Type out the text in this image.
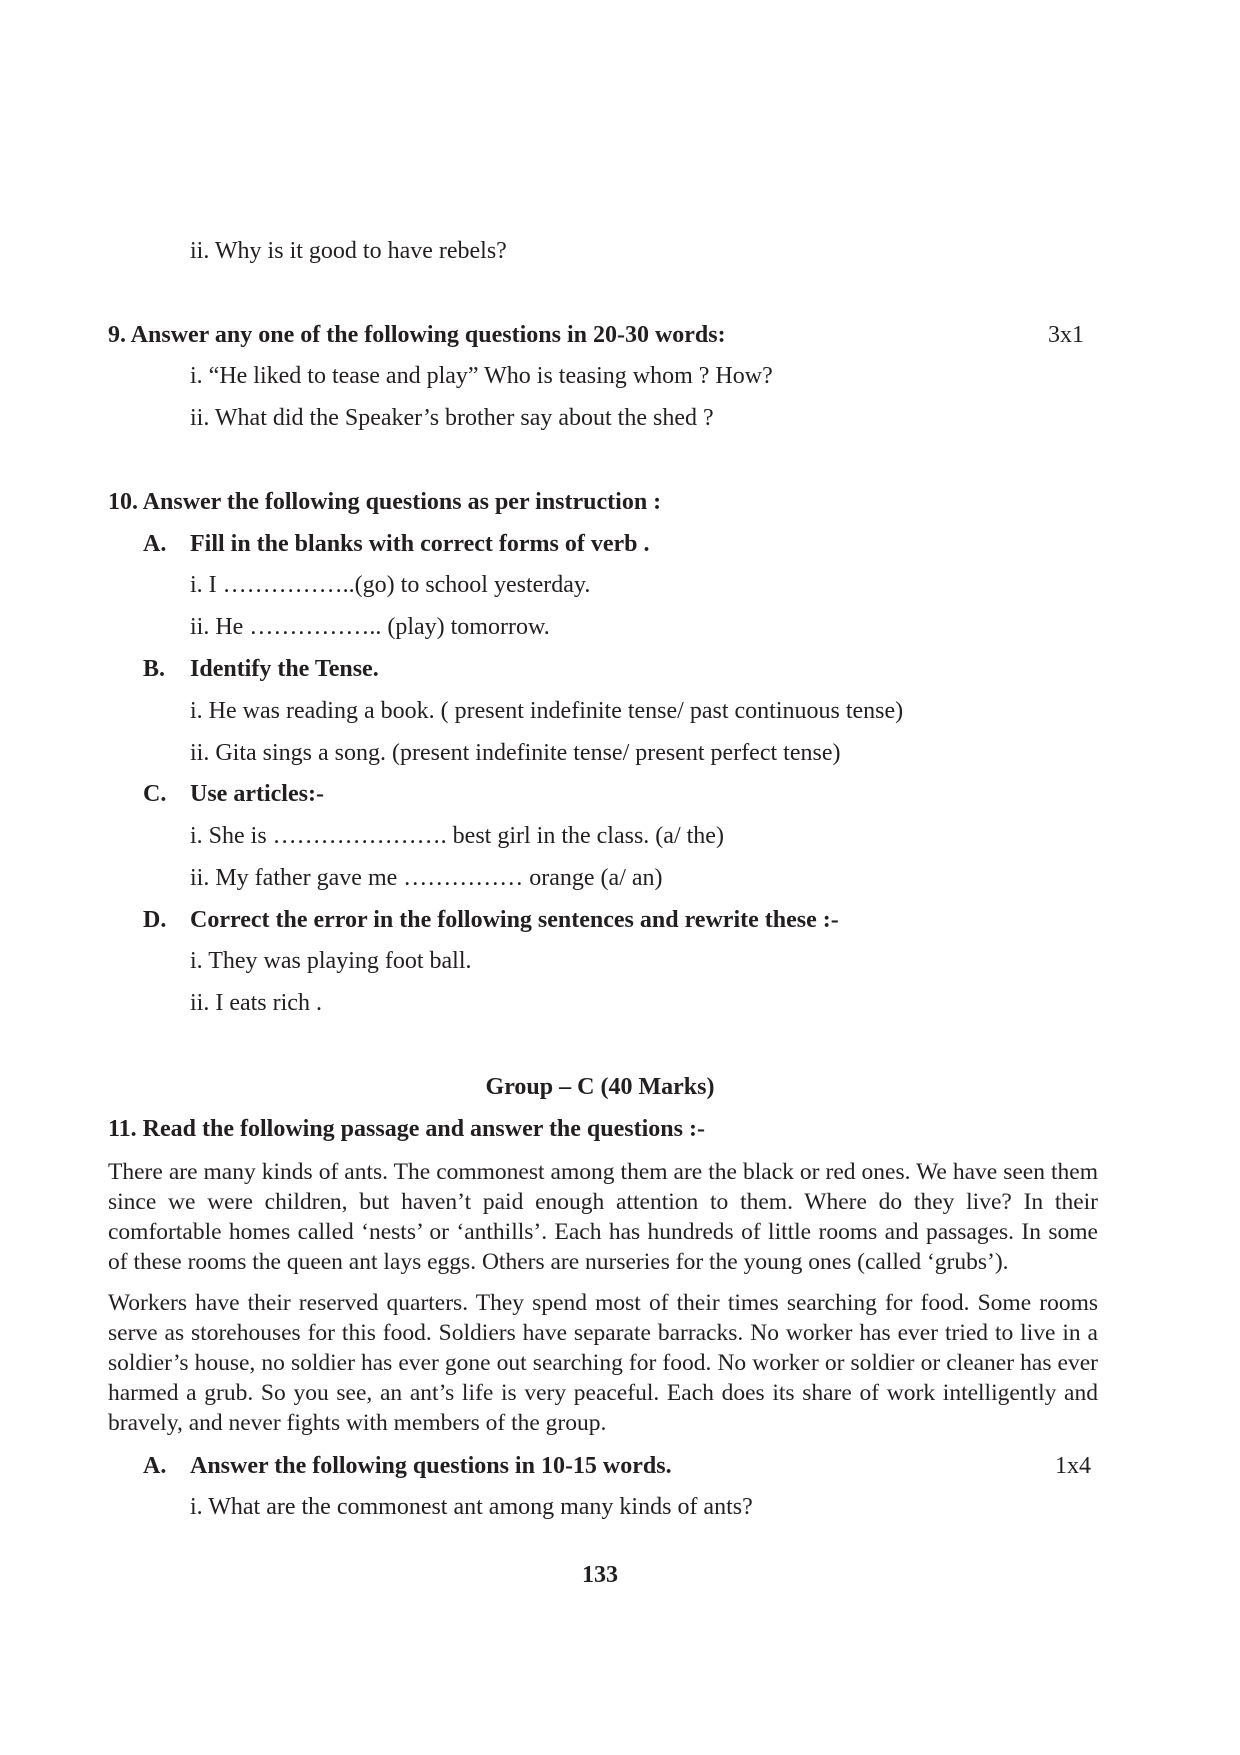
ii. Why is it good to have rebels?
9. Answer any one of the following questions in 20-30 words:	3x1
i. “He liked to tease and play” Who is teasing whom ? How?
ii. What did the Speaker’s brother say about the shed ?
10. Answer the following questions as per instruction :
A. Fill in the blanks with correct forms of verb .
i. I ……………..(go) to school yesterday.
ii. He …………….. (play) tomorrow.
B. Identify the Tense.
i. He was reading a book. ( present indefinite tense/ past continuous tense)
ii. Gita sings a song. (present indefinite tense/ present perfect tense)
C. Use articles:-
i. She is …………………. best girl in the class. (a/ the)
ii. My father gave me …………… orange (a/ an)
D. Correct the error in the following sentences and rewrite these :-
i. They was playing foot ball.
ii. I eats rich .
Group – C (40 Marks)
11. Read the following passage and answer the questions :-
There are many kinds of ants. The commonest among them are the black or red ones. We have seen them since we were children, but haven’t paid enough attention to them. Where do they live? In their comfortable homes called ‘nests’ or ‘anthills’. Each has hundreds of little rooms and passages. In some of these rooms the queen ant lays eggs. Others are nurseries for the young ones (called ‘grubs’).
Workers have their reserved quarters. They spend most of their times searching for food. Some rooms serve as storehouses for this food. Soldiers have separate barracks. No worker has ever tried to live in a soldier’s house, no soldier has ever gone out searching for food. No worker or soldier or cleaner has ever harmed a grub. So you see, an ant’s life is very peaceful. Each does its share of work intelligently and bravely, and never fights with members of the group.
A. Answer the following questions in 10-15 words.	1x4
i. What are the commonest ant among many kinds of ants?
133
